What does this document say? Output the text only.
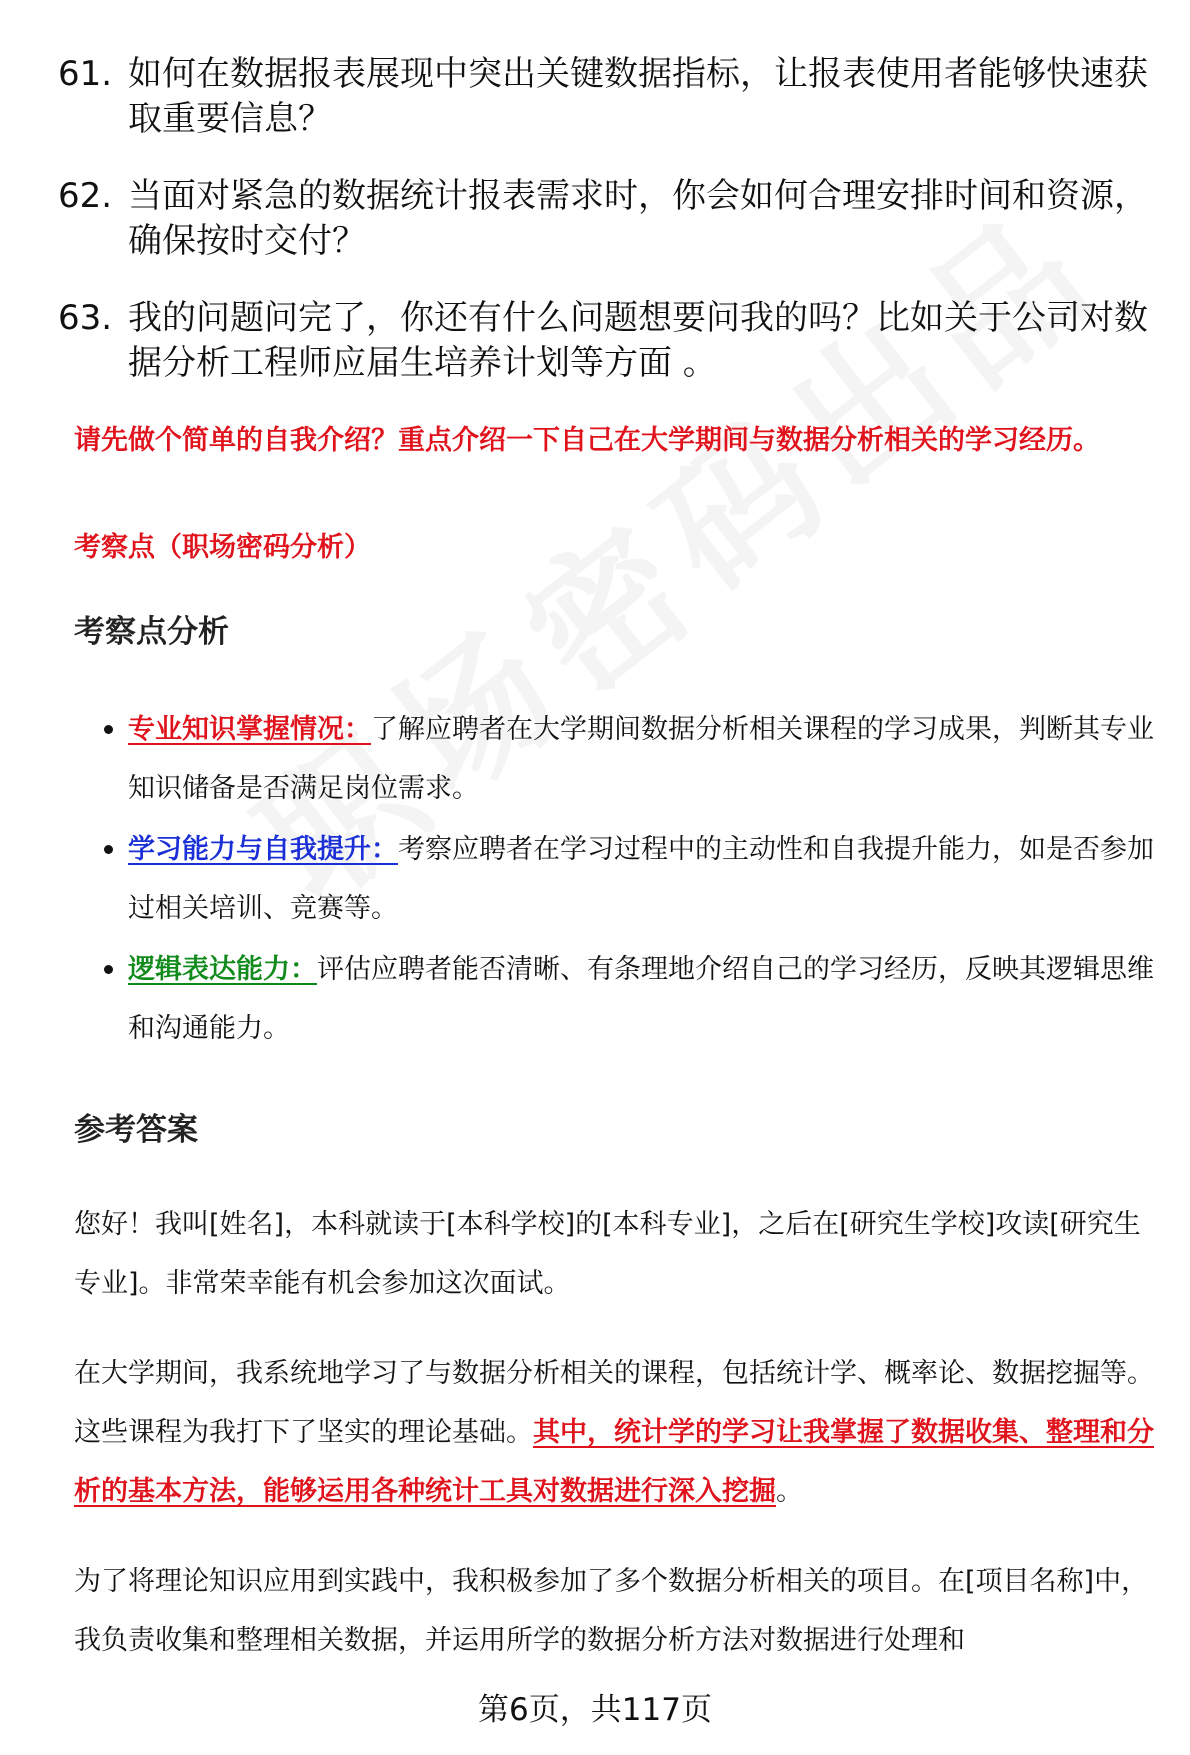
61. 如何在数据报表展现中突出关键数据指标，让报表使用者能够快速获取重要信息？
62. 当面对紧急的数据统计报表需求时，你会如何合理安排时间和资源，确保按时交付？
63. 我的问题问完了，你还有什么问题想要问我的吗？比如关于公司对数据分析工程师应届生培养计划等方面 。
请先做个简单的自我介绍？重点介绍一下自己在大学期间与数据分析相关的学习经历。
考察点（职场密码分析）
考察点分析
专业知识掌握情况：了解应聘者在大学期间数据分析相关课程的学习成果，判断其专业知识储备是否满足岗位需求。
学习能力与自我提升：考察应聘者在学习过程中的主动性和自我提升能力，如是否参加过相关培训、竞赛等。
逻辑表达能力：评估应聘者能否清晰、有条理地介绍自己的学习经历，反映其逻辑思维和沟通能力。
参考答案

您好！我叫[姓名]，本科就读于[本科学校]的[本科专业]，之后在[研究生学校]攻读[研究生专业]。非常荣幸能有机会参加这次面试。

在大学期间，我系统地学习了与数据分析相关的课程，包括统计学、概率论、数据挖掘等。这些课程为我打下了坚实的理论基础。其中，统计学的学习让我掌握了数据收集、整理和分析的基本方法，能够运用各种统计工具对数据进行深入挖掘。

为了将理论知识应用到实践中，我积极参加了多个数据分析相关的项目。在[项目名称]中，我负责收集和整理相关数据，并运用所学的数据分析方法对数据进行处理和

第6页，共117页
